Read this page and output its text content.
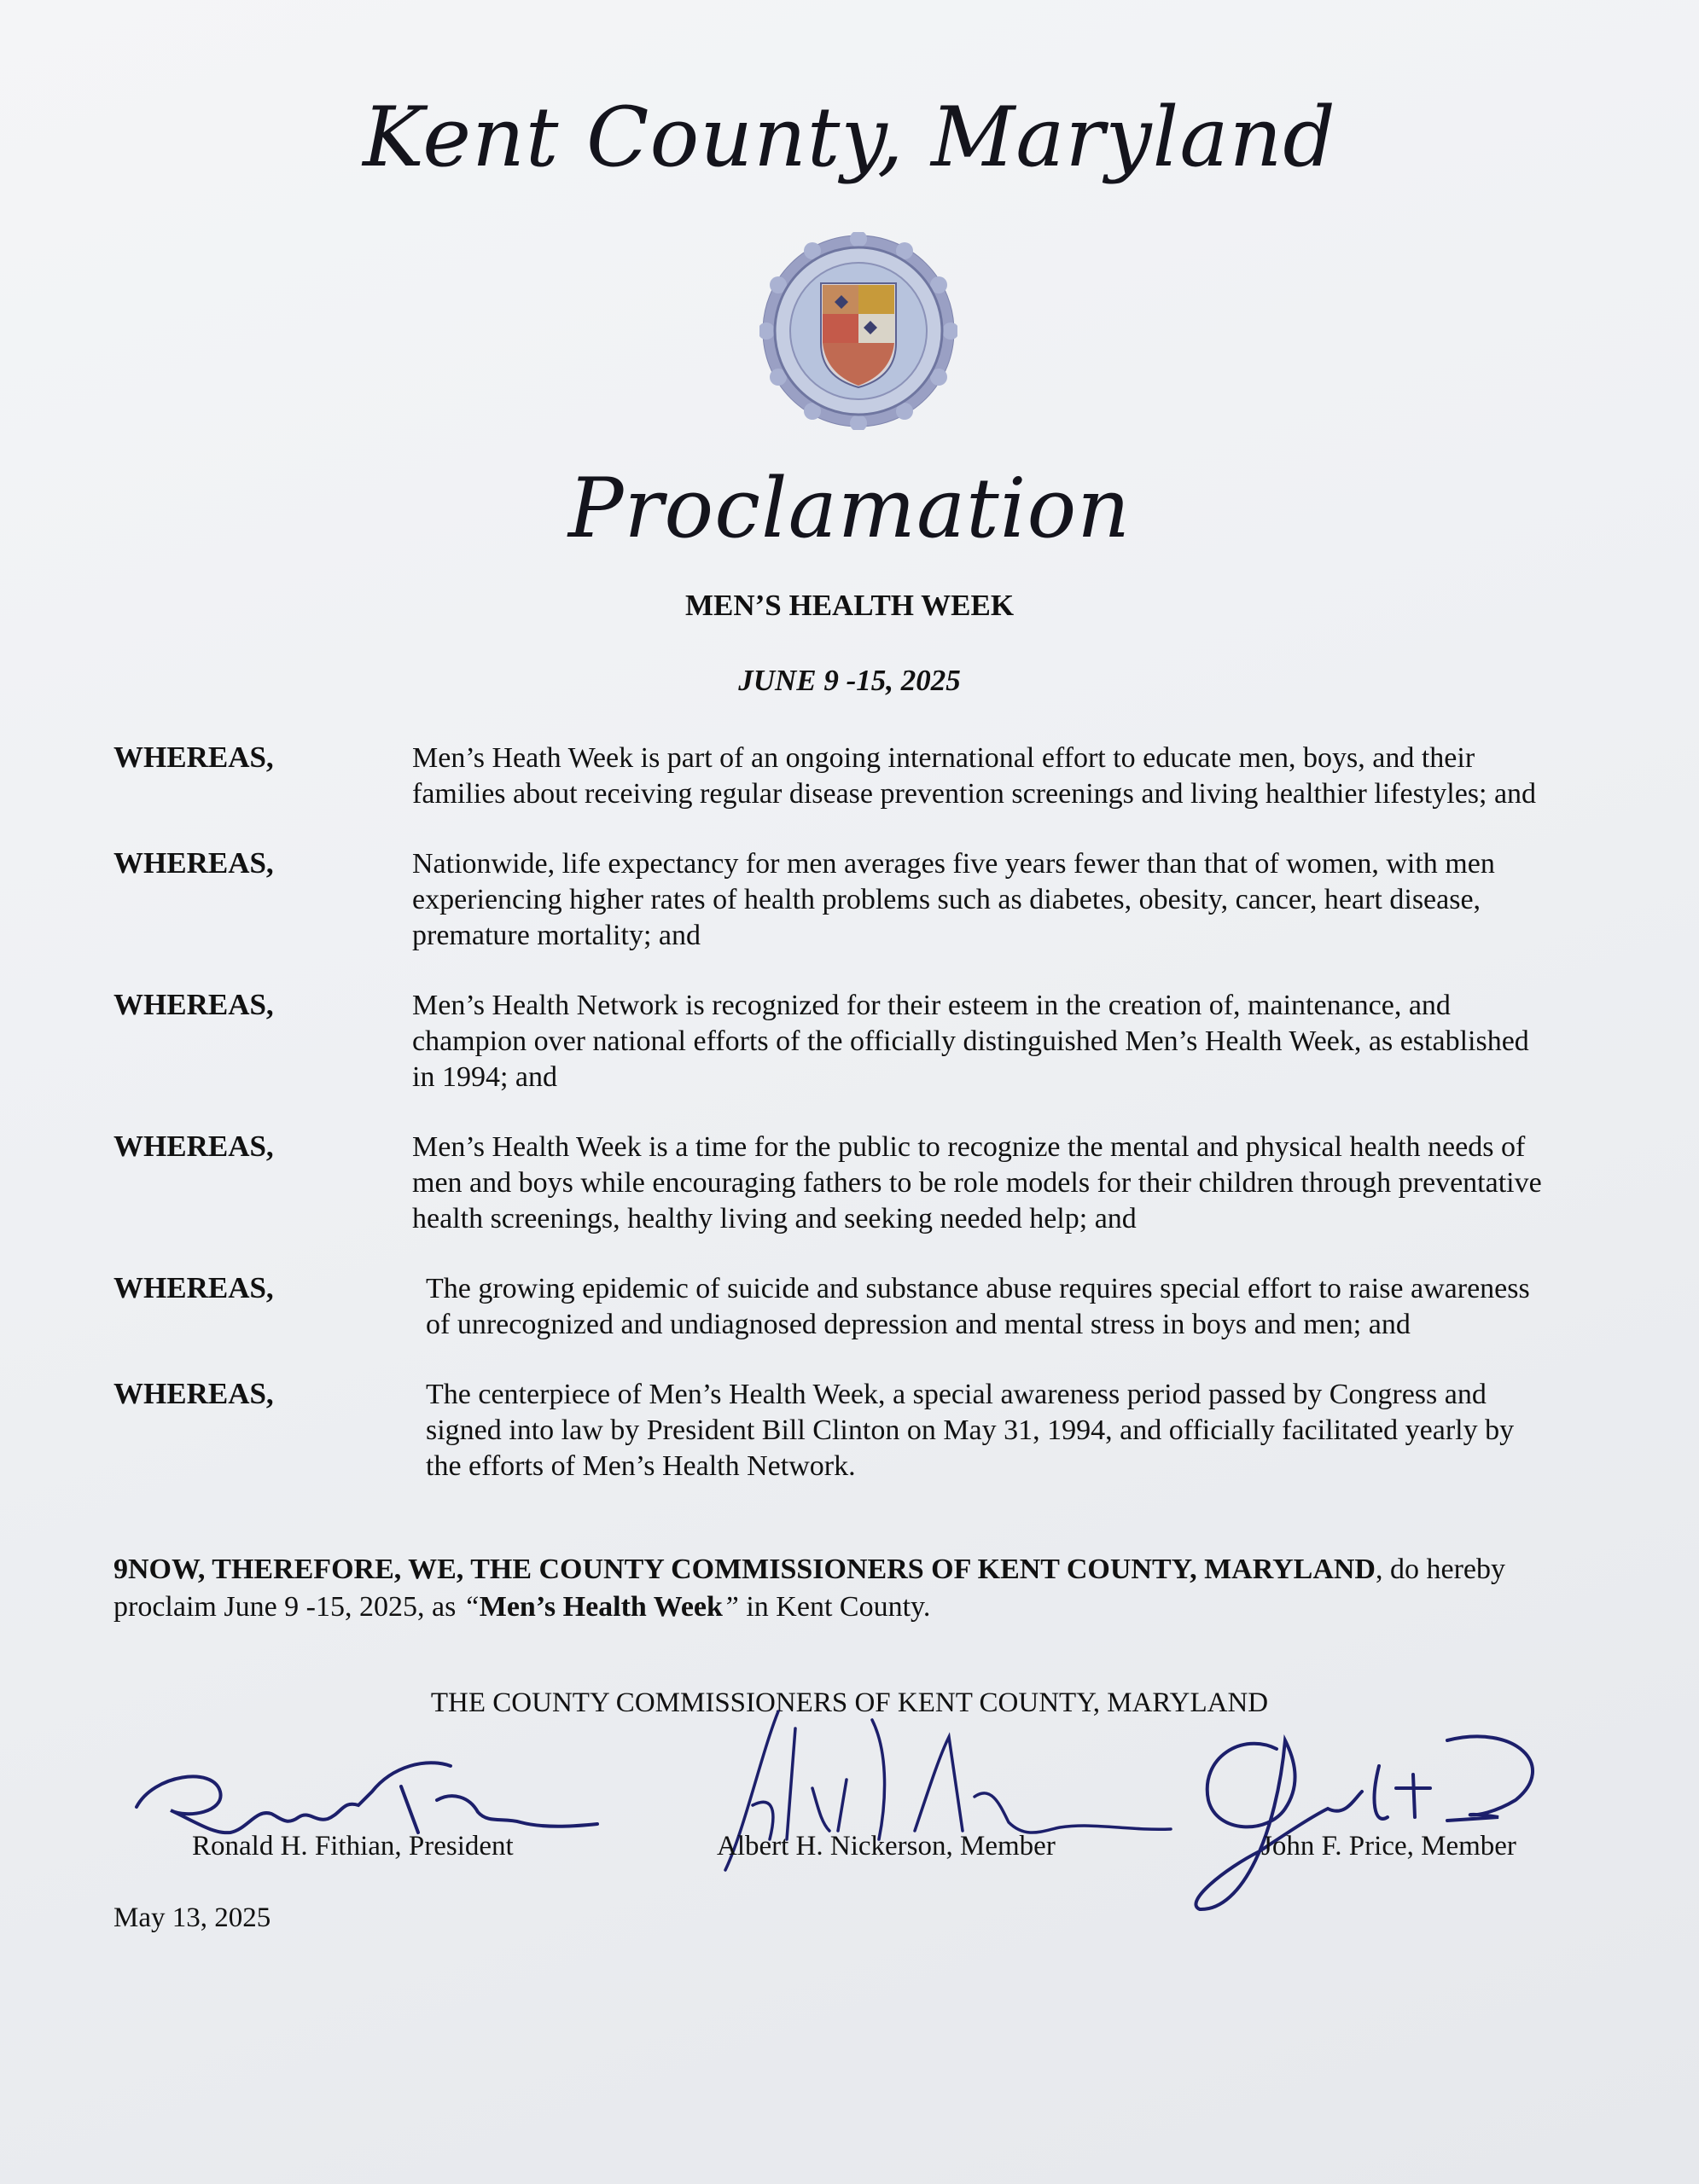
Kent County, Maryland
Proclamation
MEN’S HEALTH WEEK
JUNE 9 -15, 2025
WHEREAS,	Men’s Heath Week is part of an ongoing international effort to educate men, boys, and their
families about receiving regular disease prevention screenings and living healthier lifestyles; and
WHEREAS,	Nationwide, life expectancy for men averages five years fewer than that of women, with men
experiencing higher rates of health problems such as diabetes, obesity, cancer, heart disease,
premature mortality; and
WHEREAS,	Men’s Health Network is recognized for their esteem in the creation of, maintenance, and
champion over national efforts of the officially distinguished Men’s Health Week, as established
in 1994; and
WHEREAS,	Men’s Health Week is a time for the public to recognize the mental and physical health needs of
men and boys while encouraging fathers to be role models for their children through preventative
health screenings, healthy living and seeking needed help; and
WHEREAS,	The growing epidemic of suicide and substance abuse requires special effort to raise awareness
of unrecognized and undiagnosed depression and mental stress in boys and men; and
WHEREAS,	The centerpiece of Men’s Health Week, a special awareness period passed by Congress and
signed into law by President Bill Clinton on May 31, 1994, and officially facilitated yearly by
the efforts of Men’s Health Network.
9NOW, THEREFORE, WE, THE COUNTY COMMISSIONERS OF KENT COUNTY, MARYLAND, do hereby
proclaim June 9 -15, 2025, as “Men’s Health Week” in Kent County.
THE COUNTY COMMISSIONERS OF KENT COUNTY, MARYLAND
Ronald H. Fithian, President	Albert H. Nickerson, Member	John F. Price, Member
May 13, 2025
